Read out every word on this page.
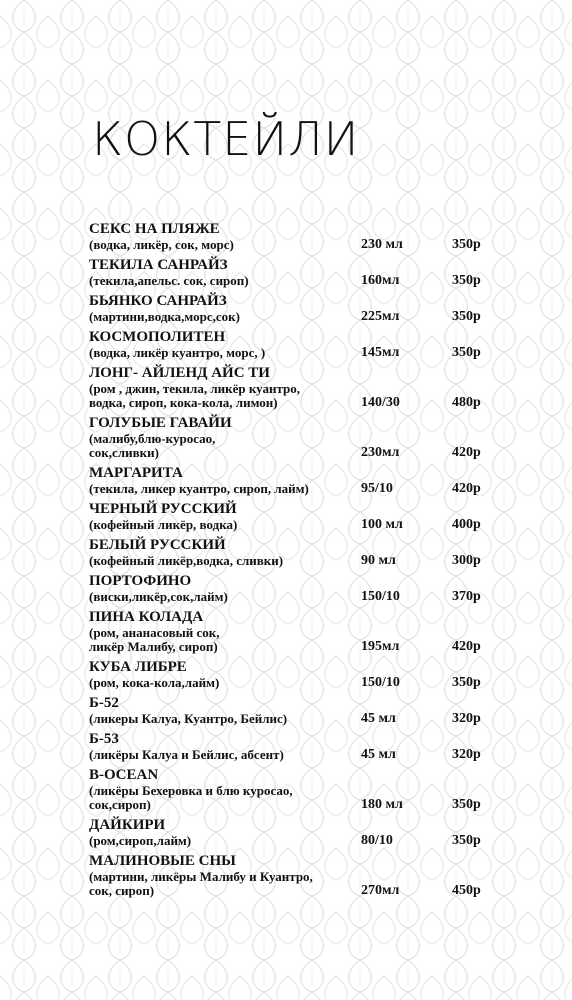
КОКТЕЙЛИ
СЕКС НА ПЛЯЖЕ
(водка, ликёр, сок, морс)	230 мл	350р
ТЕКИЛА САНРАЙЗ
(текила,апельс. сок, сироп)	160мл	350р
БЬЯНКО САНРАЙЗ
(мартини,водка,морс,сок)	225мл	350р
КОСМОПОЛИТЕН
(водка, ликёр куантро, морс, )	145мл	350р
ЛОНГ- АЙЛЕНД АЙС ТИ
(ром , джин, текила, ликёр куантро,
водка, сироп, кока-кола, лимон)	140/30	480р
ГОЛУБЫЕ ГАВАЙИ
(малибу,блю-куросао,
сок,сливки)	230мл	420р
МАРГАРИТА
(текила, ликер куантро, сироп, лайм)	95/10	420р
ЧЕРНЫЙ РУССКИЙ
(кофейный ликёр, водка)	100 мл	400р
БЕЛЫЙ РУССКИЙ
(кофейный ликёр,водка, сливки)	90 мл	300р
ПОРТОФИНО
(виски,ликёр,сок,лайм)	150/10	370р
ПИНА КОЛАДА
(ром, ананасовый сок,
ликёр Малибу, сироп)	195мл	420р
КУБА ЛИБРЕ
(ром, кока-кола,лайм)	150/10	350р
Б-52
(ликеры Калуа, Куантро, Бейлис)	45 мл	320р
Б-53
(ликёры Калуа и Бейлис, абсент)	45 мл	320р
B-OCEAN
(ликёры Бехеровка и блю куросао,
сок,сироп)	180 мл	350р
ДАЙКИРИ
(ром,сироп,лайм)	80/10	350р
МАЛИНОВЫЕ СНЫ
(мартини, ликёры Малибу и Куантро,
сок, сироп)	270мл	450р
